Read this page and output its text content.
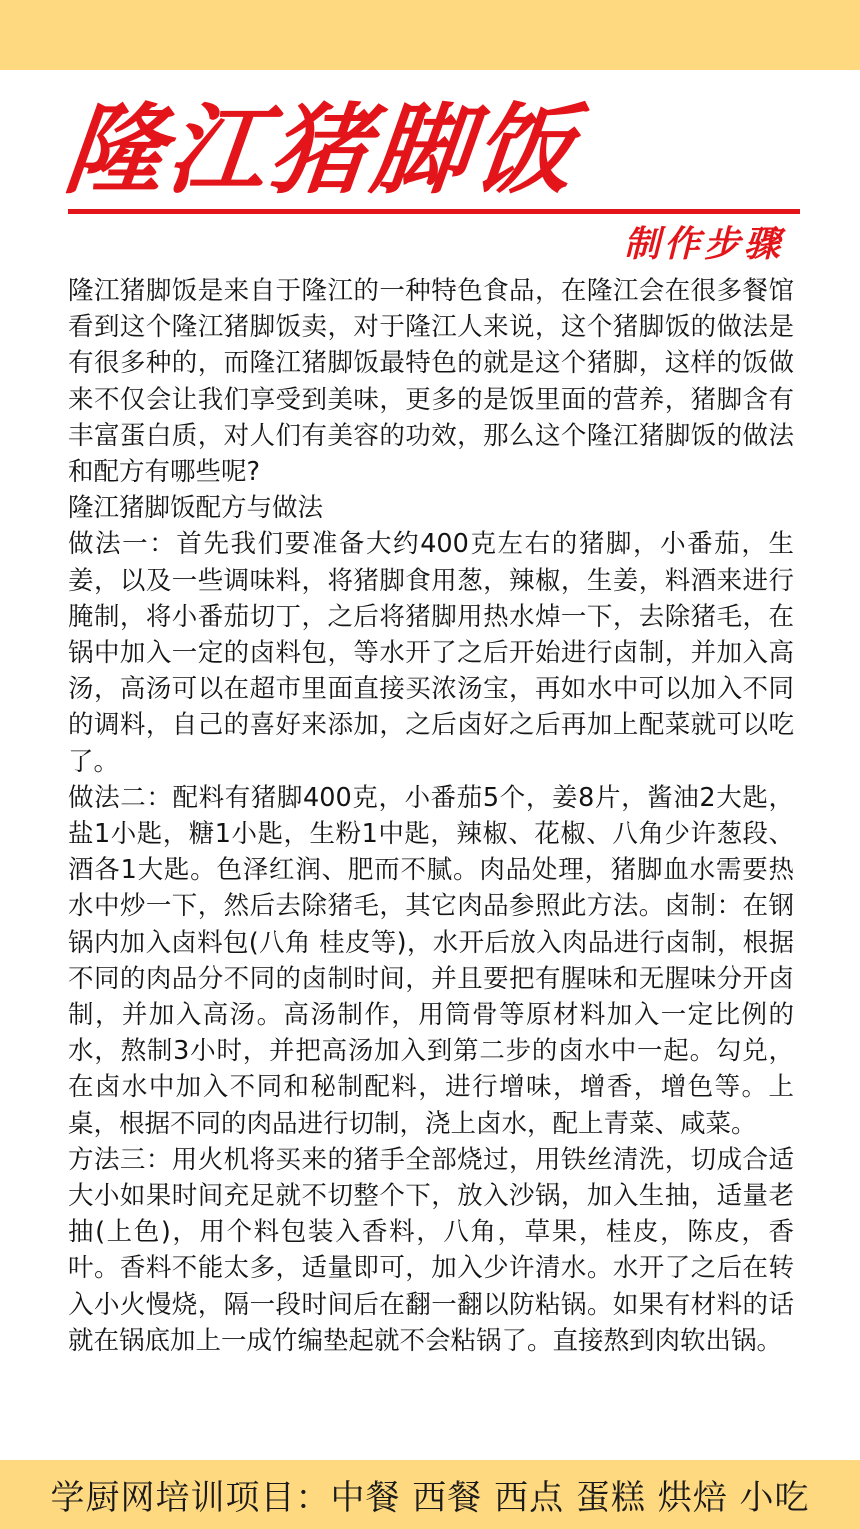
隆江猪脚饭
制作步骤

隆江猪脚饭是来自于隆江的一种特色食品，在隆江会在很多餐馆看到这个隆江猪脚饭卖，对于隆江人来说，这个猪脚饭的做法是有很多种的，而隆江猪脚饭最特色的就是这个猪脚，这样的饭做来不仅会让我们享受到美味，更多的是饭里面的营养，猪脚含有丰富蛋白质，对人们有美容的功效，那么这个隆江猪脚饭的做法和配方有哪些呢?

隆江猪脚饭配方与做法

做法一：首先我们要准备大约400克左右的猪脚，小番茄，生姜，以及一些调味料，将猪脚食用葱，辣椒，生姜，料酒来进行腌制，将小番茄切丁，之后将猪脚用热水焯一下，去除猪毛，在锅中加入一定的卤料包，等水开了之后开始进行卤制，并加入高汤，高汤可以在超市里面直接买浓汤宝，再如水中可以加入不同的调料，自己的喜好来添加，之后卤好之后再加上配菜就可以吃了。

做法二：配料有猪脚400克，小番茄5个，姜8片，酱油2大匙，盐1小匙，糖1小匙，生粉1中匙，辣椒、花椒、八角少许葱段、酒各1大匙。色泽红润、肥而不腻。肉品处理，猪脚血水需要热水中炒一下，然后去除猪毛，其它肉品参照此方法。卤制：在钢锅内加入卤料包(八角 桂皮等)，水开后放入肉品进行卤制，根据不同的肉品分不同的卤制时间，并且要把有腥味和无腥味分开卤制，并加入高汤。高汤制作，用筒骨等原材料加入一定比例的水，熬制3小时，并把高汤加入到第二步的卤水中一起。勾兑，在卤水中加入不同和秘制配料，进行增味，增香，增色等。上桌，根据不同的肉品进行切制，浇上卤水，配上青菜、咸菜。

方法三：用火机将买来的猪手全部烧过，用铁丝清洗，切成合适大小如果时间充足就不切整个下，放入沙锅，加入生抽，适量老抽(上色)，用个料包装入香料，八角，草果，桂皮，陈皮，香叶。香料不能太多，适量即可，加入少许清水。水开了之后在转入小火慢烧，隔一段时间后在翻一翻以防粘锅。如果有材料的话就在锅底加上一成竹编垫起就不会粘锅了。直接熬到肉软出锅。

学厨网培训项目：中餐 西餐 西点 蛋糕 烘焙 小吃
